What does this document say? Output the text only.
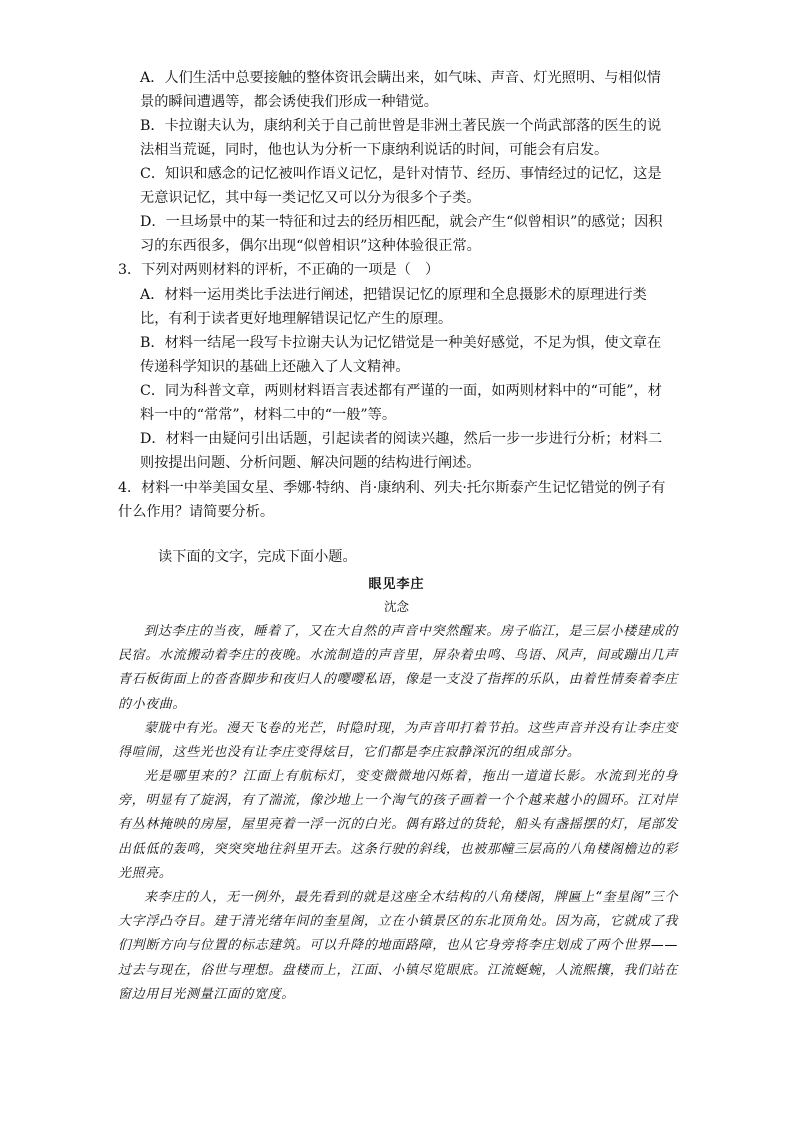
A．人们生活中总要接触的整体资讯会瞒出来，如气味、声音、灯光照明、与相似情景的瞬间遭遇等，都会诱使我们形成一种错觉。

B．卡拉谢夫认为，康纳利关于自己前世曾是非洲土著民族一个尚武部落的医生的说法相当荒诞，同时，他也认为分析一下康纳利说话的时间，可能会有启发。

C．知识和感念的记忆被叫作语义记忆，是针对情节、经历、事情经过的记忆，这是无意识记忆，其中每一类记忆又可以分为很多个子类。

D．一旦场景中的某一特征和过去的经历相匹配，就会产生“似曾相识”的感觉；因积习的东西很多，偶尔出现“似曾相识”这种体验很正常。

3．下列对两则材料的评析，不正确的一项是（　）

A．材料一运用类比手法进行阐述，把错误记忆的原理和全息摄影术的原理进行类比，有利于读者更好地理解错误记忆产生的原理。

B．材料一结尾一段写卡拉谢夫认为记忆错觉是一种美好感觉，不足为惧，使文章在传递科学知识的基础上还融入了人文精神。

C．同为科普文章，两则材料语言表述都有严谨的一面，如两则材料中的“可能”，材料一中的“常常”，材料二中的“一般”等。

D．材料一由疑问引出话题，引起读者的阅读兴趣，然后一步一步进行分析；材料二则按提出问题、分析问题、解决问题的结构进行阐述。

4．材料一中举美国女星、季娜·特纳、肖·康纳利、列夫·托尔斯泰产生记忆错觉的例子有什么作用？请简要分析。

读下面的文字，完成下面小题。

眼见李庄

沈念

到达李庄的当夜，睡着了，又在大自然的声音中突然醒来。房子临江，是三层小楼建成的民宿。水流搬动着李庄的夜晚。水流制造的声音里，屏杂着虫鸣、鸟语、风声，间或蹦出几声青石板街面上的沓沓脚步和夜归人的嘤嘤私语，像是一支没了指挥的乐队，由着性情奏着李庄的小夜曲。

蒙胧中有光。漫天飞卷的光芒，时隐时现，为声音叩打着节拍。这些声音并没有让李庄变得喧闹，这些光也没有让李庄变得炫目，它们都是李庄寂静深沉的组成部分。

光是哪里来的？江面上有航标灯，变变微微地闪烁着，拖出一道道长影。水流到光的身旁，明显有了旋涡，有了湍流，像沙地上一个淘气的孩子画着一个个越来越小的圆环。江对岸有丛林掩映的房屋，屋里亮着一浮一沉的白光。偶有路过的货轮，船头有盏摇摆的灯，尾部发出低低的轰鸣，突突突地往斜里开去。这条行驶的斜线，也被那幢三层高的八角楼阁檐边的彩光照亮。

来李庄的人，无一例外，最先看到的就是这座全木结构的八角楼阁，牌匾上“奎星阁”三个大字浮凸夺目。建于清光绪年间的奎星阁，立在小镇景区的东北顶角处。因为高，它就成了我们判断方向与位置的标志建筑。可以升降的地面路障，也从它身旁将李庄划成了两个世界——过去与现在，俗世与理想。盘楼而上，江面、小镇尽览眼底。江流蜒蜿，人流熙攘，我们站在窗边用目光测量江面的宽度。
